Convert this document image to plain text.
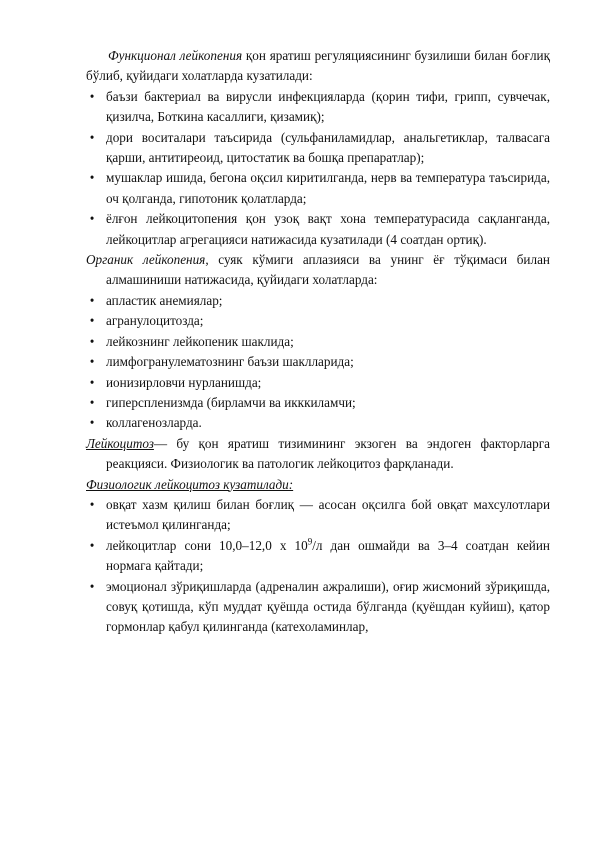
Функционал лейкопения қон яратиш регуляциясининг бузилиши билан боғлиқ бўлиб, қуйидаги холатларда кузатилади:

• баъзи бактериал ва вирусли инфекцияларда (қорин тифи, грипп, сувчечак, қизилча, Боткина касаллиги, қизамиқ);
• дори воситалари таъсирида (сульфаниламидлар, анальгетиклар, талвасага қарши, антитиреоид, цитостатик ва бошқа препаратлар);
• мушаклар ишида, бегона оқсил киритилганда, нерв ва температура таъсирида, оч қолганда, гипотоник қолатларда;
• ёлғон лейкоцитопения қон узоқ вақт хона температурасида сақланганда, лейкоцитлар агрегацияси натижасида кузатилади (4 соатдан ортиқ).

Органик лейкопения, суяк кўмиги аплазияси ва унинг ёғ тўқимаси билан алмашиниши натижасида, қуйидаги холатларда:

• апластик анемиялар;
• агранулоцитозда;
• лейкознинг лейкопеник шаклида;
• лимфогранулематознинг баъзи шаклларида;
• ионизирловчи нурланишда;
• гиперспленизмда (бирламчи ва икккиламчи;
• коллагенозларда.

Лейкоцитоз— бу қон яратиш тизимининг экзоген ва эндоген факторларга реакцияси. Физиологик ва патологик лейкоцитоз фарқланади.

Физиологик лейкоцитоз кузатилади:

• овқат хазм қилиш билан боғлиқ — асосан оқсилга бой овқат махсулотлари истеъмол қилинганда;
• лейкоцитлар сони 10,0–12,0 х $10^9/л$ дан ошмайди ва 3–4 соатдан кейин нормага қайтади;
• эмоционал зўриқишларда (адреналин ажралиши), оғир жисмоний зўриқишда, совуқ қотишда, кўп муддат қуёшда остида бўлганда (қуёшдан куйиш), қатор гормонлар қабул қилинганда (катехоламинлар,
